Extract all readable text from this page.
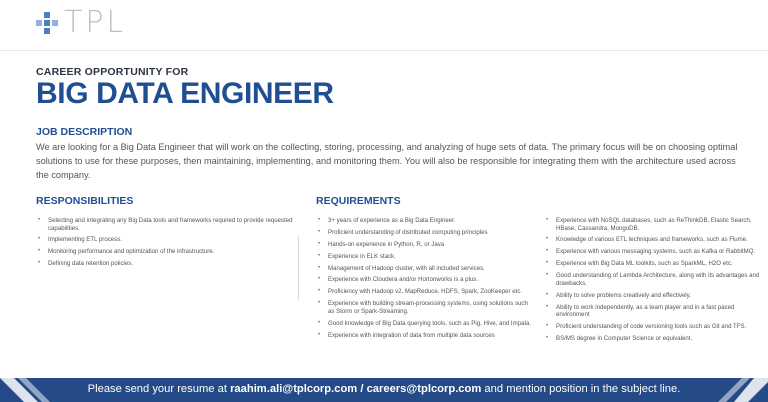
TPL
CAREER OPPORTUNITY FOR
BIG DATA ENGINEER
JOB DESCRIPTION
We are looking for a Big Data Engineer that will work on the collecting, storing, processing, and analyzing of huge sets of data. The primary focus will be on choosing optimal solutions to use for these purposes, then maintaining, implementing, and monitoring them. You will also be responsible for integrating them with the architecture used across the company.
RESPONSIBILITIES
• Selecting and integrating any Big Data tools and frameworks required to provide requested capabilities.
• Implementing ETL process.
• Monitoring performance and optimization of the infrastructure.
• Defining data retention policies.
REQUIREMENTS
• 3+ years of experience as a Big Data Engineer.
• Proficient understanding of distributed computing principles
• Hands-on experience in Python, R, or Java
• Experience in ELK stack.
• Management of Hadoop cluster, with all included services.
• Experience with Cloudera and/or Hortonworks is a plus.
• Proficiency with Hadoop v2, MapReduce, HDFS, Spark, ZooKeeper etc.
• Experience with building stream-processing systems, using solutions such as Storm or Spark-Streaming.
• Good knowledge of Big Data querying tools, such as Pig, Hive, and Impala.
• Experience with integration of data from multiple data sources
• Experience with NoSQL databases, such as ReThinkDB, Elastic Search, HBase, Cassandra, MongoDB.
• Knowledge of various ETL techniques and frameworks, such as Flume.
• Experience with various messaging systems, such as Kafka or RabbitMQ.
• Experience with Big Data ML toolkits, such as SparkML, H2O etc.
• Good understanding of Lambda Architecture, along with its advantages and drawbacks.
• Ability to solve problems creatively and effectively.
• Ability to work independently, as a team player and in a fast paced environment
• Proficient understanding of code versioning tools such as Git and TFS.
• BS/MS degree in Computer Science or equivalent.
Please send your resume at raahim.ali@tplcorp.com / careers@tplcorp.com and mention position in the subject line.
